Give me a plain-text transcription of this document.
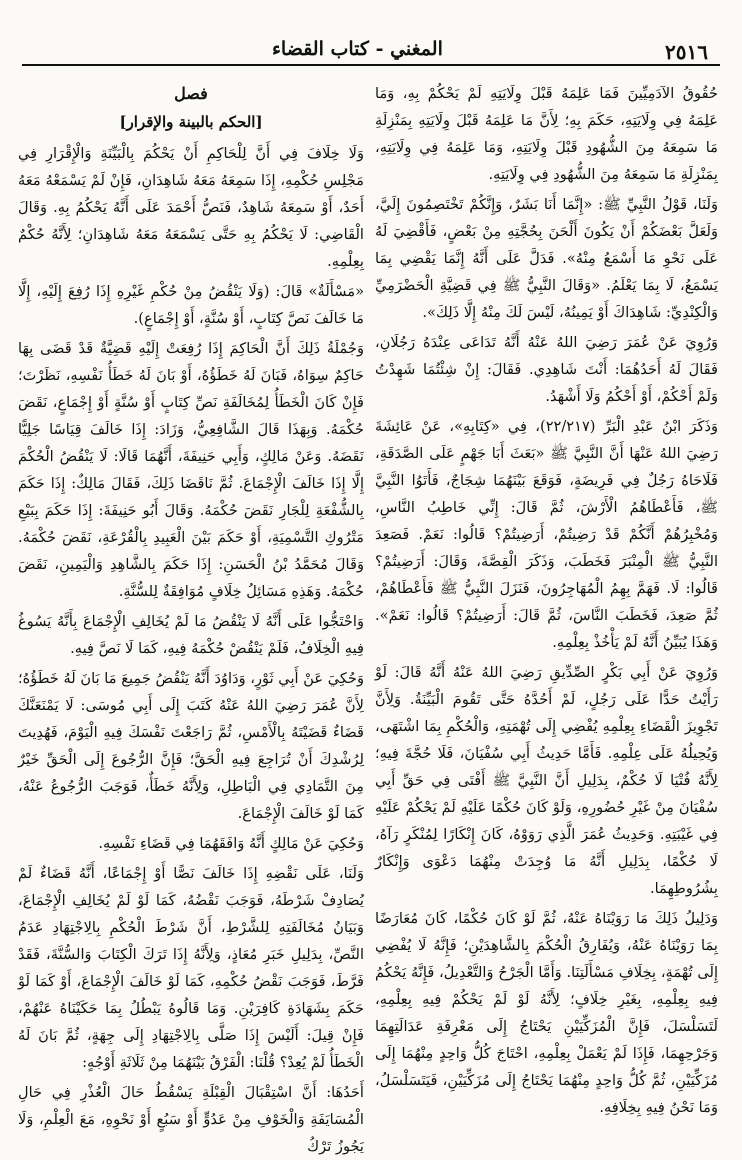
٢٥١٦
المغني - كتاب القضاء

حُقُوقُ الآدَمِيِّينَ فَمَا عَلِمَهُ قَبْلَ وِلَايَتِهِ لَمْ يَحْكُمْ بِهِ، وَمَا عَلِمَهُ فِي وِلَايَتِهِ، حَكَمَ بِهِ؛ لِأَنَّ مَا عَلِمَهُ قَبْلَ وِلَايَتِهِ بِمَنْزِلَةِ مَا سَمِعَهُ مِنَ الشُّهُودِ قَبْلَ وِلَايَتِهِ، وَمَا عَلِمَهُ فِي وِلَايَتِهِ، بِمَنْزِلَةِ مَا سَمِعَهُ مِنَ الشُّهُودِ فِي وِلَايَتِهِ.

وَلَنَا، قَوْلُ النَّبِيِّ ﷺ: «إِنَّمَا أَنَا بَشَرٌ، وَإِنَّكُمْ تَخْتَصِمُونَ إِلَيَّ، وَلَعَلَّ بَعْضَكُمْ أَنْ يَكُونَ أَلْحَنَ بِحُجَّتِهِ مِنْ بَعْضٍ، فَأَقْضِيَ لَهُ عَلَى نَحْوِ مَا أَسْمَعُ مِنْهُ». فَدَلَّ عَلَى أَنَّهُ إِنَّمَا يَقْضِي بِمَا يَسْمَعُ، لَا بِمَا يَعْلَمُ. «وَقَالَ النَّبِيُّ ﷺ فِي قَضِيَّةِ الْحَضْرَمِيِّ وَالْكِنْدِيِّ: شَاهِدَاكَ أَوْ يَمِينُهُ، لَيْسَ لَكَ مِنْهُ إِلَّا ذَلِكَ».

وَرُوِيَ عَنْ عُمَرَ رَضِيَ اللهُ عَنْهُ أَنَّهُ تَدَاعَى عِنْدَهُ رَجُلَانِ، فَقَالَ لَهُ أَحَدُهُمَا: أَنْتَ شَاهِدِي. فَقَالَ: إِنْ شِئْتُمَا شَهِدْتُ وَلَمْ أَحْكُمْ، أَوْ أَحْكُمُ وَلَا أَشْهَدُ.

وَذَكَرَ ابْنُ عَبْدِ الْبَرِّ (٢٢/٢١٧)، فِي «كِتَابِهِ»، عَنْ عَائِشَةَ رَضِيَ اللهُ عَنْهَا أَنَّ النَّبِيَّ ﷺ «بَعَثَ أَبَا جَهْمٍ عَلَى الصَّدَقَةِ، فَلَاحَاهُ رَجُلٌ فِي فَرِيضَةٍ، فَوَقَعَ بَيْنَهُمَا شِجَاجٌ، فَأَتَوُا النَّبِيَّ ﷺ، فَأَعْطَاهُمُ الْأَرْشَ، ثُمَّ قَالَ: إِنِّي خَاطِبُ النَّاسِ، وَمُخْبِرُهُمْ أَنَّكُمْ قَدْ رَضِيتُمْ، أَرَضِيتُمْ؟ قَالُوا: نَعَمْ. فَصَعِدَ النَّبِيُّ ﷺ الْمِنْبَرَ فَخَطَبَ، وَذَكَرَ الْقِصَّةَ، وَقَالَ: أَرَضِيتُمْ؟ قَالُوا: لَا. فَهَمَّ بِهِمُ الْمُهَاجِرُونَ، فَنَزَلَ النَّبِيُّ ﷺ فَأَعْطَاهُمْ، ثُمَّ صَعِدَ، فَخَطَبَ النَّاسَ، ثُمَّ قَالَ: أَرَضِيتُمْ؟ قَالُوا: نَعَمْ». وَهَذَا يُبَيِّنُ أَنَّهُ لَمْ يَأْخُذْ بِعِلْمِهِ.

وَرُوِيَ عَنْ أَبِي بَكْرٍ الصِّدِّيقِ رَضِيَ اللهُ عَنْهُ أَنَّهُ قَالَ: لَوْ رَأَيْتُ حَدًّا عَلَى رَجُلٍ، لَمْ أَحُدَّهُ حَتَّى تَقُومَ الْبَيِّنَةُ. وَلِأَنَّ تَجْوِيزَ الْقَضَاءِ بِعِلْمِهِ يُفْضِي إِلَى تُهْمَتِهِ، وَالْحُكْمِ بِمَا اشْتَهَى، وَيُحِيلُهُ عَلَى عِلْمِهِ. فَأَمَّا حَدِيثُ أَبِي سُفْيَانَ، فَلَا حُجَّةَ فِيهِ؛ لِأَنَّهُ فُتْيَا لَا حُكْمٌ، بِدَلِيلِ أَنَّ النَّبِيَّ ﷺ أَفْتَى فِي حَقِّ أَبِي سُفْيَانَ مِنْ غَيْرِ حُضُورِهِ، وَلَوْ كَانَ حُكْمًا عَلَيْهِ لَمْ يَحْكُمْ عَلَيْهِ فِي غَيْبَتِهِ. وَحَدِيثُ عُمَرَ الَّذِي رَوَوْهُ، كَانَ إِنْكَارًا لِمُنْكَرٍ رَآهُ، لَا حُكْمًا، بِدَلِيلِ أَنَّهُ مَا وُجِدَتْ مِنْهُمَا دَعْوَى وَإِنْكَارٌ بِشُرُوطِهِمَا.

وَدَلِيلُ ذَلِكَ مَا رَوَيْنَاهُ عَنْهُ، ثُمَّ لَوْ كَانَ حُكْمًا، كَانَ مُعَارَضًا بِمَا رَوَيْنَاهُ عَنْهُ، وَيُفَارِقُ الْحُكْمَ بِالشَّاهِدَيْنِ؛ فَإِنَّهُ لَا يُفْضِي إِلَى تُهْمَةٍ، بِخِلَافِ مَسْأَلَتِنَا. وَأَمَّا الْجَرْحُ وَالتَّعْدِيلُ، فَإِنَّهُ يَحْكُمُ فِيهِ بِعِلْمِهِ، بِغَيْرِ خِلَافٍ؛ لِأَنَّهُ لَوْ لَمْ يَحْكُمْ فِيهِ بِعِلْمِهِ، لَتَسَلْسَلَ، فَإِنَّ الْمُزَكِّيَيْنِ يَحْتَاجُ إِلَى مَعْرِفَةِ عَدَالَتِهِمَا وَجَرْحِهِمَا، فَإِذَا لَمْ يَعْمَلْ بِعِلْمِهِ، احْتَاجَ كُلُّ وَاحِدٍ مِنْهُمَا إِلَى مُزَكِّيَيْنِ، ثُمَّ كُلُّ وَاحِدٍ مِنْهُمَا يَحْتَاجُ إِلَى مُزَكِّيَيْنِ، فَيَتَسَلْسَلُ، وَمَا نَحْنُ فِيهِ بِخِلَافِهِ.

فصل
[الحكم بالبينة والإقرار]

وَلَا خِلَافَ فِي أَنَّ لِلْحَاكِمِ أَنْ يَحْكُمَ بِالْبَيِّنَةِ وَالْإِقْرَارِ فِي مَجْلِسِ حُكْمِهِ، إِذَا سَمِعَهُ مَعَهُ شَاهِدَانِ، فَإِنْ لَمْ يَسْمَعْهُ مَعَهُ أَحَدٌ، أَوْ سَمِعَهُ شَاهِدٌ، فَنَصُّ أَحْمَدَ عَلَى أَنَّهُ يَحْكُمُ بِهِ. وَقَالَ الْقَاضِي: لَا يَحْكُمُ بِهِ حَتَّى يَسْمَعَهُ مَعَهُ شَاهِدَانِ؛ لِأَنَّهُ حُكْمٌ بِعِلْمِهِ.

«مَسْأَلَةٌ» قَالَ: (وَلَا يَنْقُضُ مِنْ حُكْمِ غَيْرِهِ إِذَا رُفِعَ إِلَيْهِ، إِلَّا مَا خَالَفَ نَصَّ كِتَابٍ، أَوْ سُنَّةٍ، أَوْ إِجْمَاعٍ).

وَجُمْلَةُ ذَلِكَ أَنَّ الْحَاكِمَ إِذَا رُفِعَتْ إِلَيْهِ قَضِيَّةٌ قَدْ قَضَى بِهَا حَاكِمٌ سِوَاهُ، فَبَانَ لَهُ خَطَؤُهُ، أَوْ بَانَ لَهُ خَطَأُ نَفْسِهِ، نَظَرْتَ؛ فَإِنْ كَانَ الْخَطَأُ لِمُخَالَفَةِ نَصِّ كِتَابٍ أَوْ سُنَّةٍ أَوْ إِجْمَاعٍ، نَقَضَ حُكْمَهُ. وَبِهَذَا قَالَ الشَّافِعِيُّ، وَزَادَ: إِذَا خَالَفَ قِيَاسًا جَلِيًّا نَقَضَهُ. وَعَنْ مَالِكٍ، وَأَبِي حَنِيفَةَ، أَنَّهُمَا قَالَا: لَا يَنْقُضُ الْحُكْمَ إِلَّا إِذَا خَالَفَ الْإِجْمَاعَ. ثُمَّ نَاقَضَا ذَلِكَ، فَقَالَ مَالِكٌ: إِذَا حَكَمَ بِالشُّفْعَةِ لِلْجَارِ نَقَضَ حُكْمَهُ. وَقَالَ أَبُو حَنِيفَةَ: إِذَا حَكَمَ بِبَيْعِ مَتْرُوكِ التَّسْمِيَةِ، أَوْ حَكَمَ بَيْنَ الْعَبِيدِ بِالْقُرْعَةِ، نَقَضَ حُكْمَهُ. وَقَالَ مُحَمَّدُ بْنُ الْحَسَنِ: إِذَا حَكَمَ بِالشَّاهِدِ وَالْيَمِينِ، نَقَضَ حُكْمَهُ. وَهَذِهِ مَسَائِلُ خِلَافٍ مُوَافِقَةٌ لِلسُّنَّةِ.

وَاحْتَجُّوا عَلَى أَنَّهُ لَا يَنْقُضُ مَا لَمْ يُخَالِفِ الْإِجْمَاعَ بِأَنَّهُ يَسُوغُ فِيهِ الْخِلَافُ، فَلَمْ يَنْقُضْ حُكْمَهُ فِيهِ، كَمَا لَا نَصَّ فِيهِ.

وَحُكِيَ عَنْ أَبِي ثَوْرٍ، وَدَاوُدَ أَنَّهُ يَنْقُضُ جَمِيعَ مَا بَانَ لَهُ خَطَؤُهُ؛ لِأَنَّ عُمَرَ رَضِيَ اللهُ عَنْهُ كَتَبَ إِلَى أَبِي مُوسَى: لَا يَمْنَعَنَّكَ قَضَاءٌ قَضَيْتَهُ بِالْأَمْسِ، ثُمَّ رَاجَعْتَ نَفْسَكَ فِيهِ الْيَوْمَ، فَهُدِيتَ لِرُشْدِكَ أَنْ تُرَاجِعَ فِيهِ الْحَقَّ؛ فَإِنَّ الرُّجُوعَ إِلَى الْحَقِّ خَيْرٌ مِنَ التَّمَادِي فِي الْبَاطِلِ، وَلِأَنَّهُ خَطَأٌ، فَوَجَبَ الرُّجُوعُ عَنْهُ، كَمَا لَوْ خَالَفَ الْإِجْمَاعَ.

وَحُكِيَ عَنْ مَالِكٍ أَنَّهُ وَافَقَهُمَا فِي قَضَاءِ نَفْسِهِ.

وَلَنَا، عَلَى نَقْضِهِ إِذَا خَالَفَ نَصًّا أَوْ إِجْمَاعًا، أَنَّهُ قَضَاءٌ لَمْ يُصَادِفْ شَرْطَهُ، فَوَجَبَ نَقْضُهُ، كَمَا لَوْ لَمْ يُخَالِفِ الْإِجْمَاعَ، وَبَيَانُ مُخَالَفَتِهِ لِلشَّرْطِ، أَنَّ شَرْطَ الْحُكْمِ بِالِاجْتِهَادِ عَدَمُ النَّصِّ، بِدَلِيلِ خَبَرِ مُعَاذٍ، وَلِأَنَّهُ إِذَا تَرَكَ الْكِتَابَ وَالسُّنَّةَ، فَقَدْ فَرَّطَ، فَوَجَبَ نَقْضُ حُكْمِهِ، كَمَا لَوْ خَالَفَ الْإِجْمَاعَ، أَوْ كَمَا لَوْ حَكَمَ بِشَهَادَةِ كَافِرَيْنِ. وَمَا قَالُوهُ يَبْطُلُ بِمَا حَكَيْنَاهُ عَنْهُمْ، فَإِنْ قِيلَ: أَلَيْسَ إِذَا صَلَّى بِالِاجْتِهَادِ إِلَى جِهَةٍ، ثُمَّ بَانَ لَهُ الْخَطَأُ لَمْ يُعِدْ؟ قُلْنَا: الْفَرْقُ بَيْنَهُمَا مِنْ ثَلَاثَةِ أَوْجُهٍ:

أَحَدُهَا: أَنَّ اسْتِقْبَالَ الْقِبْلَةِ يَسْقُطُ حَالَ الْعُذْرِ فِي حَالِ الْمُسَايَفَةِ وَالْخَوْفِ مِنْ عَدُوٍّ أَوْ سَبُعٍ أَوْ نَحْوِهِ، مَعَ الْعِلْمِ، وَلَا يَجُوزُ تَرْكُ
